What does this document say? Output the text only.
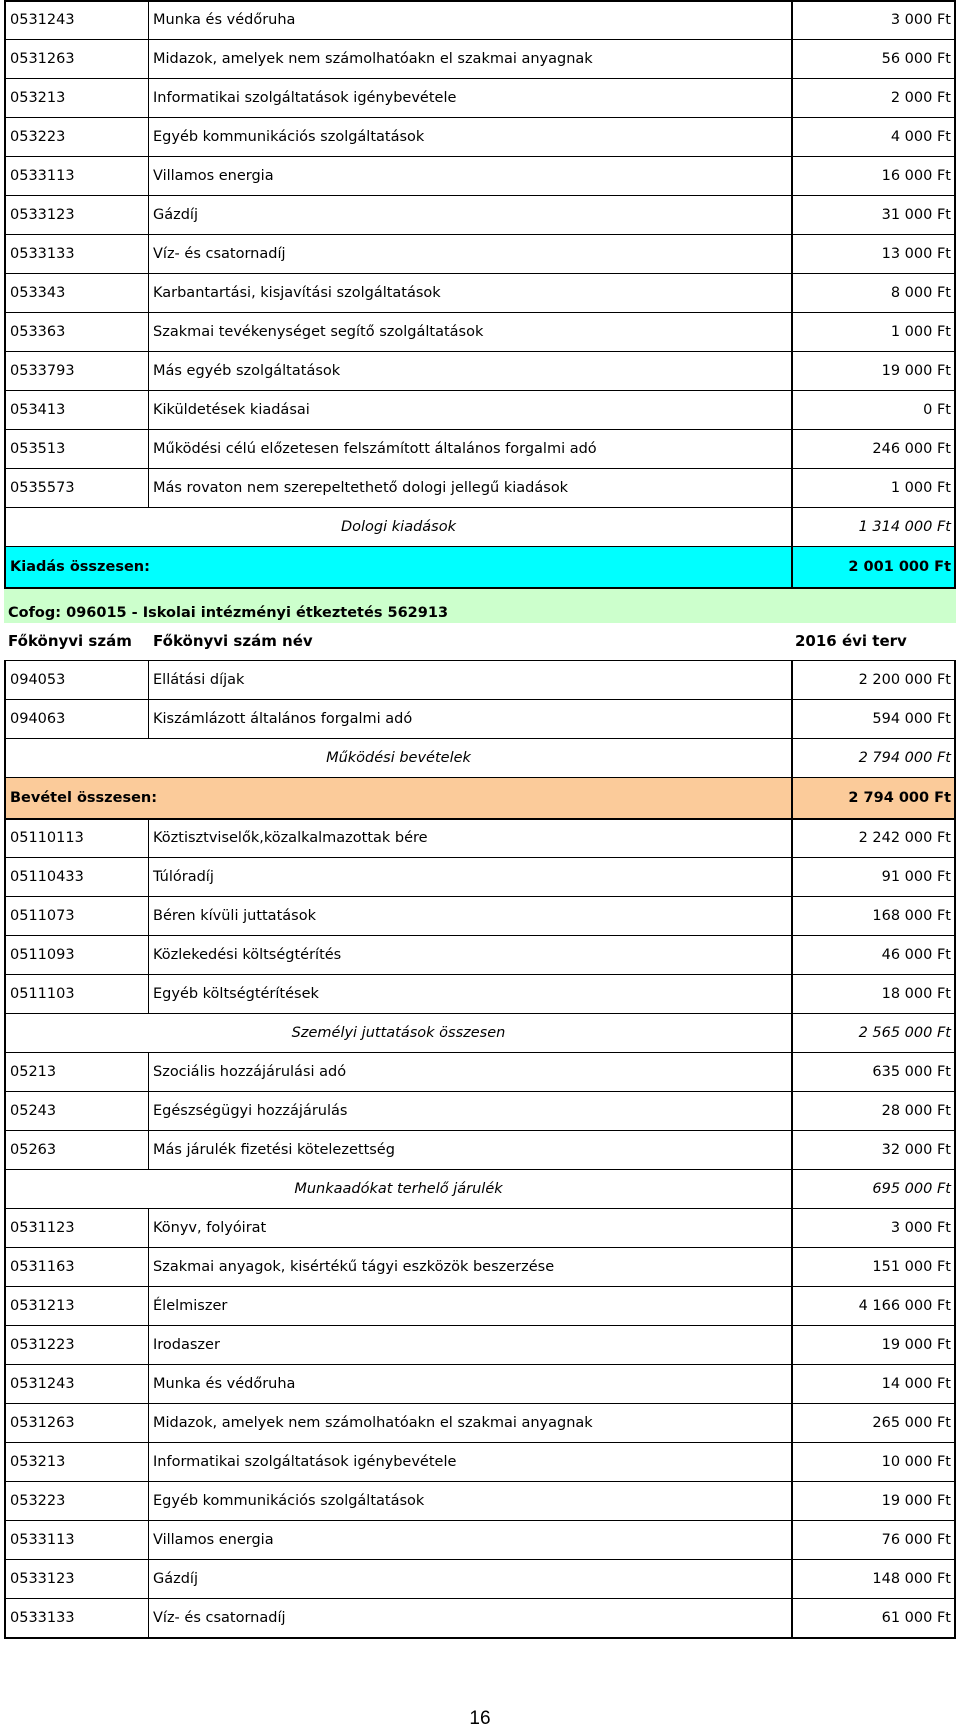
0531243	Munka és védőruha	3 000 Ft
0531263	Midazok, amelyek nem számolhatóakn el szakmai anyagnak	56 000 Ft
053213	Informatikai szolgáltatások igénybevétele	2 000 Ft
053223	Egyéb kommunikációs szolgáltatások	4 000 Ft
0533113	Villamos energia	16 000 Ft
0533123	Gázdíj	31 000 Ft
0533133	Víz- és csatornadíj	13 000 Ft
053343	Karbantartási, kisjavítási szolgáltatások	8 000 Ft
053363	Szakmai tevékenységet segítő szolgáltatások	1 000 Ft
0533793	Más egyéb szolgáltatások	19 000 Ft
053413	Kiküldetések kiadásai	0 Ft
053513	Működési célú előzetesen felszámított általános forgalmi adó	246 000 Ft
0535573	Más rovaton nem szerepeltethető dologi jellegű kiadások	1 000 Ft
Dologi kiadások	1 314 000 Ft
Kiadás összesen:	2 001 000 Ft
Cofog: 096015 - Iskolai intézményi étkeztetés 562913
Főkönyvi szám	Főkönyvi szám név	2016 évi terv
094053	Ellátási díjak	2 200 000 Ft
094063	Kiszámlázott általános forgalmi adó	594 000 Ft
Működési bevételek	2 794 000 Ft
Bevétel összesen:	2 794 000 Ft
05110113	Köztisztviselők,közalkalmazottak bére	2 242 000 Ft
05110433	Túlóradíj	91 000 Ft
0511073	Béren kívüli juttatások	168 000 Ft
0511093	Közlekedési költségtérítés	46 000 Ft
0511103	Egyéb költségtérítések	18 000 Ft
Személyi juttatások összesen	2 565 000 Ft
05213	Szociális hozzájárulási adó	635 000 Ft
05243	Egészségügyi hozzájárulás	28 000 Ft
05263	Más járulék fizetési kötelezettség	32 000 Ft
Munkaadókat terhelő járulék	695 000 Ft
0531123	Könyv, folyóirat	3 000 Ft
0531163	Szakmai anyagok, kisértékű tágyi eszközök beszerzése	151 000 Ft
0531213	Élelmiszer	4 166 000 Ft
0531223	Irodaszer	19 000 Ft
0531243	Munka és védőruha	14 000 Ft
0531263	Midazok, amelyek nem számolhatóakn el szakmai anyagnak	265 000 Ft
053213	Informatikai szolgáltatások igénybevétele	10 000 Ft
053223	Egyéb kommunikációs szolgáltatások	19 000 Ft
0533113	Villamos energia	76 000 Ft
0533123	Gázdíj	148 000 Ft
0533133	Víz- és csatornadíj	61 000 Ft
16
